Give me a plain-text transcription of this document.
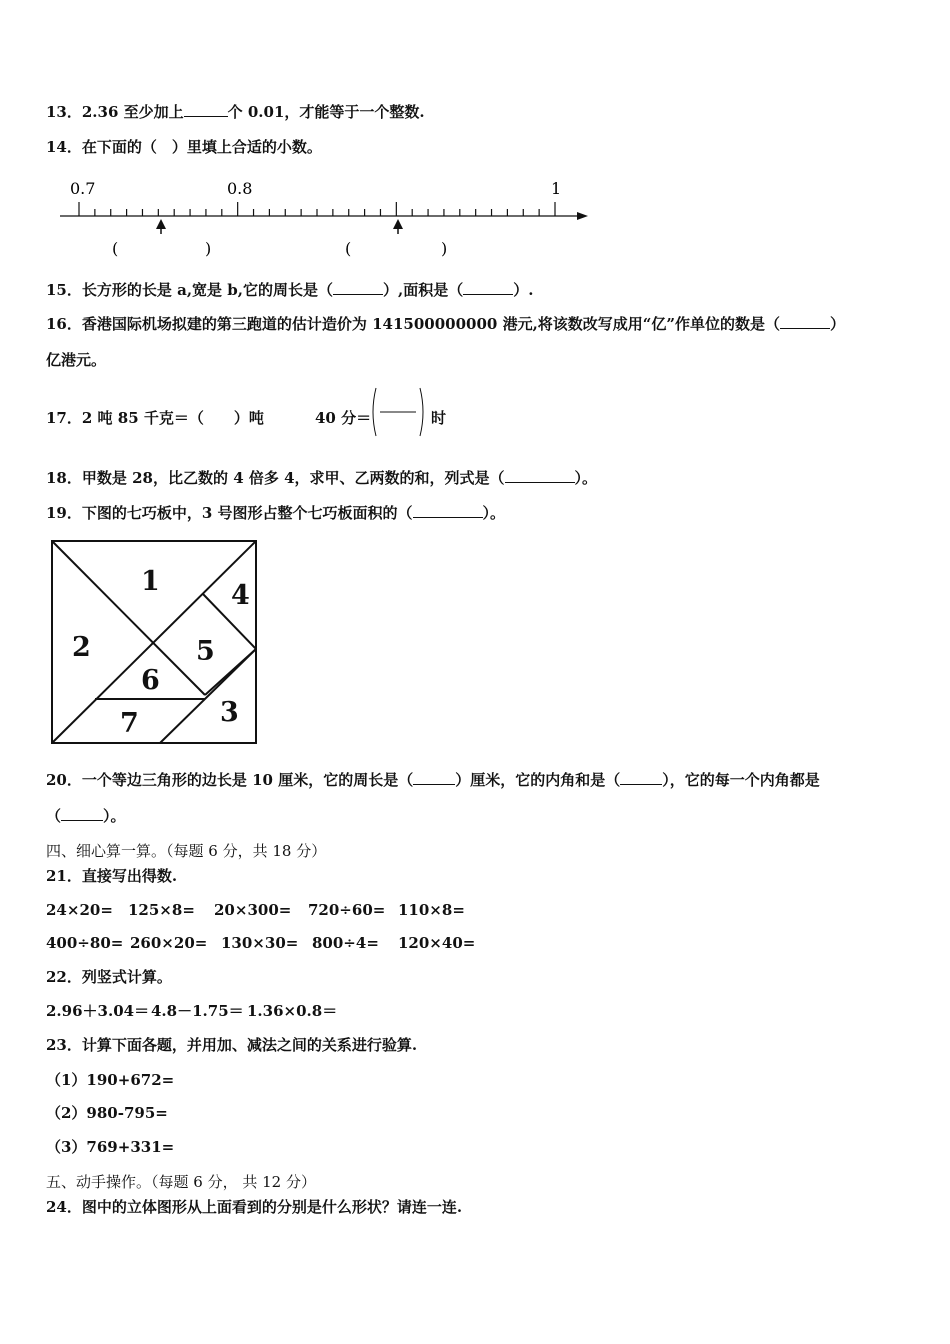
13．2.36 至少加上	个 0.01，才能等于一个整数.
14．在下面的（　）里填上合适的小数。
0.7	0.8	1
(	)	(	)
15．长方形的长是 a,宽是 b,它的周长是（	）,面积是（	）.
16．香港国际机场拟建的第三跑道的估计造价为 141500000000 港元,将该数改写成用“亿”作单位的数是（	）
亿港元。
17．2 吨 85 千克＝（　　）吨	40 分＝	时
18．甲数是 28，比乙数的 4 倍多 4，求甲、乙两数的和，列式是（	）。
19．下图的七巧板中，3 号图形占整个七巧板面积的（	）。
1
2
3
4
5
6
7
20．一个等边三角形的边长是 10 厘米，它的周长是（	）厘米，它的内角和是（	），它的每一个内角都是
（	）。
四、细心算一算。（每题 6 分，共 18 分）
21．直接写出得数.
24×20= 125×8= 20×300= 720÷60= 110×8=
400÷80= 260×20= 130×30= 800÷4= 120×40=
22．列竖式计算。
2.96＋3.04＝ 4.8－1.75＝ 1.36×0.8＝
23．计算下面各题，并用加、减法之间的关系进行验算.
（1）190+672=
（2）980-795=
（3）769+331=
五、动手操作。（每题 6 分， 共 12 分）
24．图中的立体图形从上面看到的分别是什么形状？请连一连.
